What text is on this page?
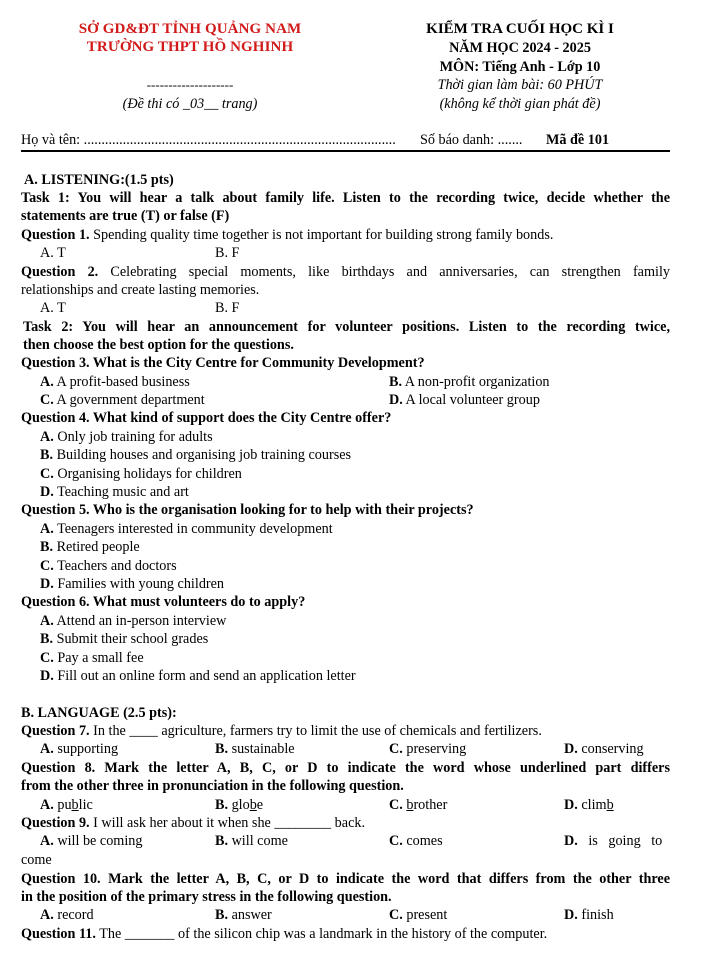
SỞ GD&ĐT TỈNH QUẢNG NAM
TRƯỜNG THPT HỒ NGHINH
--------------------
(Đề thi có _03__ trang)
KIỂM TRA CUỐI HỌC KÌ I
NĂM HỌC 2024 - 2025
MÔN: Tiếng Anh - Lớp 10
Thời gian làm bài: 60 PHÚT
(không kể thời gian phát đề)
Họ và tên: ........................................................................................ Số báo danh: ....... Mã đề 101
A. LISTENING:(1.5 pts)
Task 1: You will hear a talk about family life. Listen to the recording twice, decide whether the
statements are true (T) or false (F)
Question 1. Spending quality time together is not important for building strong family bonds.
A. T	B. F
Question 2. Celebrating special moments, like birthdays and anniversaries, can strengthen family
relationships and create lasting memories.
A. T	B. F
Task 2: You will hear an announcement for volunteer positions. Listen to the recording twice,
then choose the best option for the questions.
Question 3. What is the City Centre for Community Development?
A. A profit-based business	B. A non-profit organization
C. A government department	D. A local volunteer group
Question 4. What kind of support does the City Centre offer?
A. Only job training for adults
B. Building houses and organising job training courses
C. Organising holidays for children
D. Teaching music and art
Question 5. Who is the organisation looking for to help with their projects?
A. Teenagers interested in community development
B. Retired people
C. Teachers and doctors
D. Families with young children
Question 6. What must volunteers do to apply?
A. Attend an in-person interview
B. Submit their school grades
C. Pay a small fee
D. Fill out an online form and send an application letter
B. LANGUAGE (2.5 pts):
Question 7. In the ____ agriculture, farmers try to limit the use of chemicals and fertilizers.
A. supporting	B. sustainable	C. preserving	D. conserving
Question 8. Mark the letter A, B, C, or D to indicate the word whose underlined part differs
from the other three in pronunciation in the following question.
A. public	B. globe	C. brother	D. climb
Question 9. I will ask her about it when she ________ back.
A. will be coming	B. will come	C. comes	D. is going to
come
Question 10. Mark the letter A, B, C, or D to indicate the word that differs from the other three
in the position of the primary stress in the following question.
A. record	B. answer	C. present	D. finish
Question 11. The _______ of the silicon chip was a landmark in the history of the computer.
